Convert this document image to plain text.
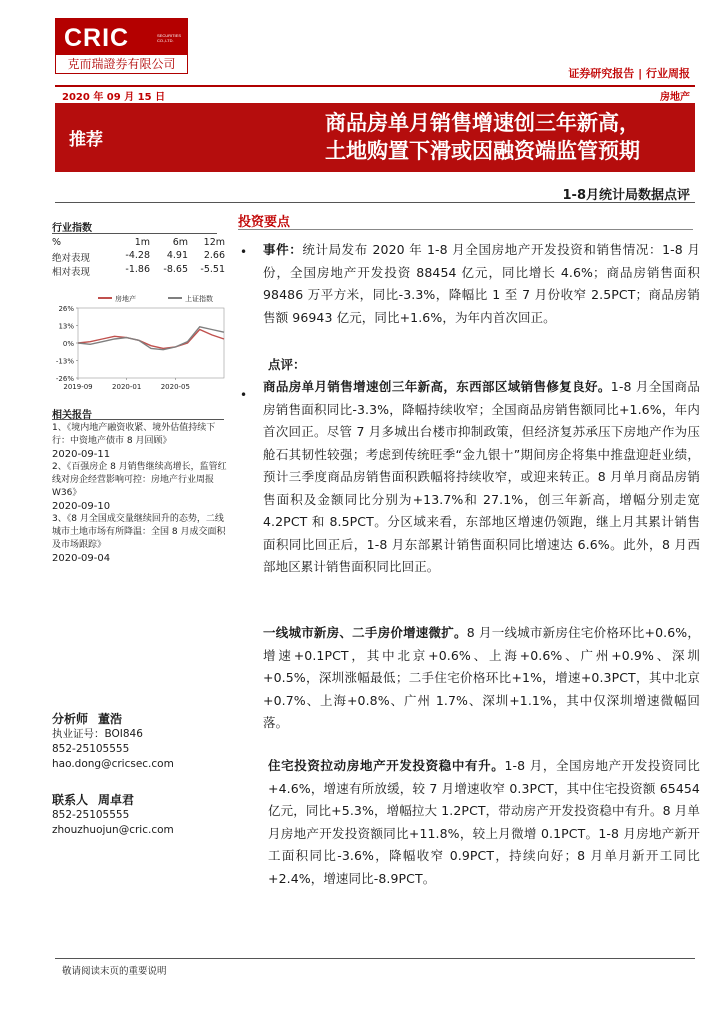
CRIC	SECURITIES CO.,LTD.
克而瑞證券有限公司
证券研究报告 | 行业周报
2020 年 09 月 15 日	房地产
推荐
商品房单月销售增速创三年新高，
土地购置下滑或因融资端监管预期
1-8月统计局数据点评
行业指数
%	1m	6m	12m
绝对表现	-4.28	4.91	2.66
相对表现	-1.86	-8.65	-5.51
26%
13%
0%
-13%
-26%
2019-09	2020-01	2020-05
房地产	上证指数
相关报告
1、《境内地产融资收紧、境外估值持续下行：中资地产债市 8 月回顾》
2020-09-11
2、《百强房企 8 月销售继续高增长，监管红线对房企经营影响可控：房地产行业周报 W36》
2020-09-10
3、《8 月全国成交量继续回升的态势，二线城市土地市场有所降温：全国 8 月成交面积及市场跟踪》
2020-09-04
分析师 董浩
执业证号：BOI846
852-25105555
hao.dong@cricsec.com
联系人 周卓君
852-25105555
zhouzhuojun@cric.com
投资要点
• 事件：统计局发布 2020 年 1-8 月全国房地产开发投资和销售情况：1-8 月份，全国房地产开发投资 88454 亿元，同比增长 4.6%；商品房销售面积 98486 万平方米，同比-3.3%，降幅比 1 至 7 月份收窄 2.5PCT；商品房销售额 96943 亿元，同比+1.6%，为年内首次回正。
点评：
•
商品房单月销售增速创三年新高，东西部区域销售修复良好。1-8 月全国商品房销售面积同比-3.3%，降幅持续收窄；全国商品房销售额同比+1.6%，年内首次回正。尽管 7 月多城出台楼市抑制政策，但经济复苏承压下房地产作为压舱石其韧性较强；考虑到传统旺季“金九银十”期间房企将集中推盘迎赶业绩，预计三季度商品房销售面积跌幅将持续收窄，或迎来转正。8 月单月商品房销售面积及金额同比分别为+13.7%和 27.1%，创三年新高，增幅分别走宽 4.2PCT 和 8.5PCT。分区域来看，东部地区增速仍领跑，继上月其累计销售面积同比回正后，1-8 月东部累计销售面积同比增速达 6.6%。此外，8 月西部地区累计销售面积同比回正。
一线城市新房、二手房价增速微扩。8 月一线城市新房住宅价格环比+0.6%，增速+0.1PCT，其中北京+0.6%、上海+0.6%、广州+0.9%、深圳+0.5%，深圳涨幅最低；二手住宅价格环比+1%，增速+0.3PCT，其中北京+0.7%、上海+0.8%、广州 1.7%、深圳+1.1%，其中仅深圳增速微幅回落。
住宅投资拉动房地产开发投资稳中有升。1-8 月，全国房地产开发投资同比+4.6%，增速有所放缓，较 7 月增速收窄 0.3PCT，其中住宅投资额 65454 亿元，同比+5.3%，增幅拉大 1.2PCT，带动房产开发投资稳中有升。8 月单月房地产开发投资额同比+11.8%，较上月微增 0.1PCT。1-8 月房地产新开工面积同比-3.6%，降幅收窄 0.9PCT，持续向好；8 月单月新开工同比+2.4%，增速同比-8.9PCT。
敬请阅读末页的重要说明
